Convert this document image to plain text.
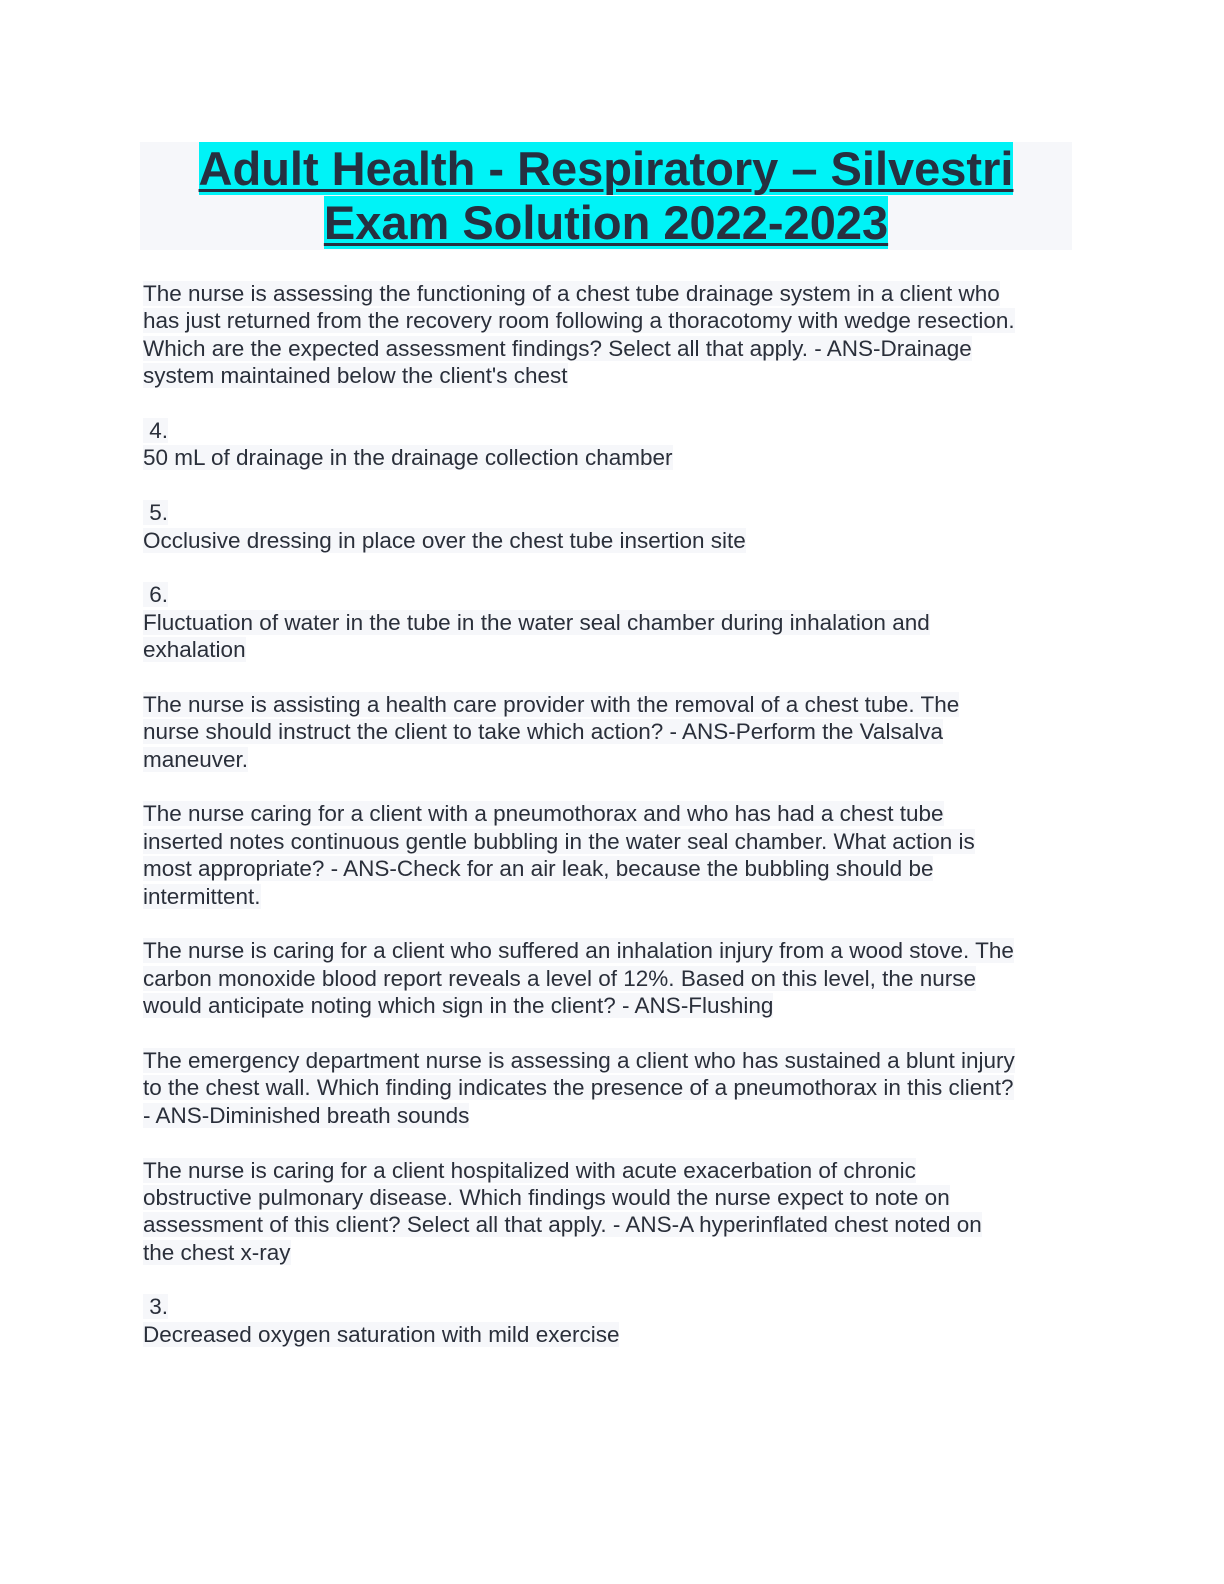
Adult Health - Respiratory – Silvestri
Exam Solution 2022-2023
The nurse is assessing the functioning of a chest tube drainage system in a client who
has just returned from the recovery room following a thoracotomy with wedge resection.
Which are the expected assessment findings? Select all that apply. - ANS-Drainage
system maintained below the client's chest
4.
50 mL of drainage in the drainage collection chamber
5.
Occlusive dressing in place over the chest tube insertion site
6.
Fluctuation of water in the tube in the water seal chamber during inhalation and
exhalation
The nurse is assisting a health care provider with the removal of a chest tube. The
nurse should instruct the client to take which action? - ANS-Perform the Valsalva
maneuver.
The nurse caring for a client with a pneumothorax and who has had a chest tube
inserted notes continuous gentle bubbling in the water seal chamber. What action is
most appropriate? - ANS-Check for an air leak, because the bubbling should be
intermittent.
The nurse is caring for a client who suffered an inhalation injury from a wood stove. The
carbon monoxide blood report reveals a level of 12%. Based on this level, the nurse
would anticipate noting which sign in the client? - ANS-Flushing
The emergency department nurse is assessing a client who has sustained a blunt injury
to the chest wall. Which finding indicates the presence of a pneumothorax in this client?
- ANS-Diminished breath sounds
The nurse is caring for a client hospitalized with acute exacerbation of chronic
obstructive pulmonary disease. Which findings would the nurse expect to note on
assessment of this client? Select all that apply. - ANS-A hyperinflated chest noted on
the chest x-ray
3.
Decreased oxygen saturation with mild exercise
